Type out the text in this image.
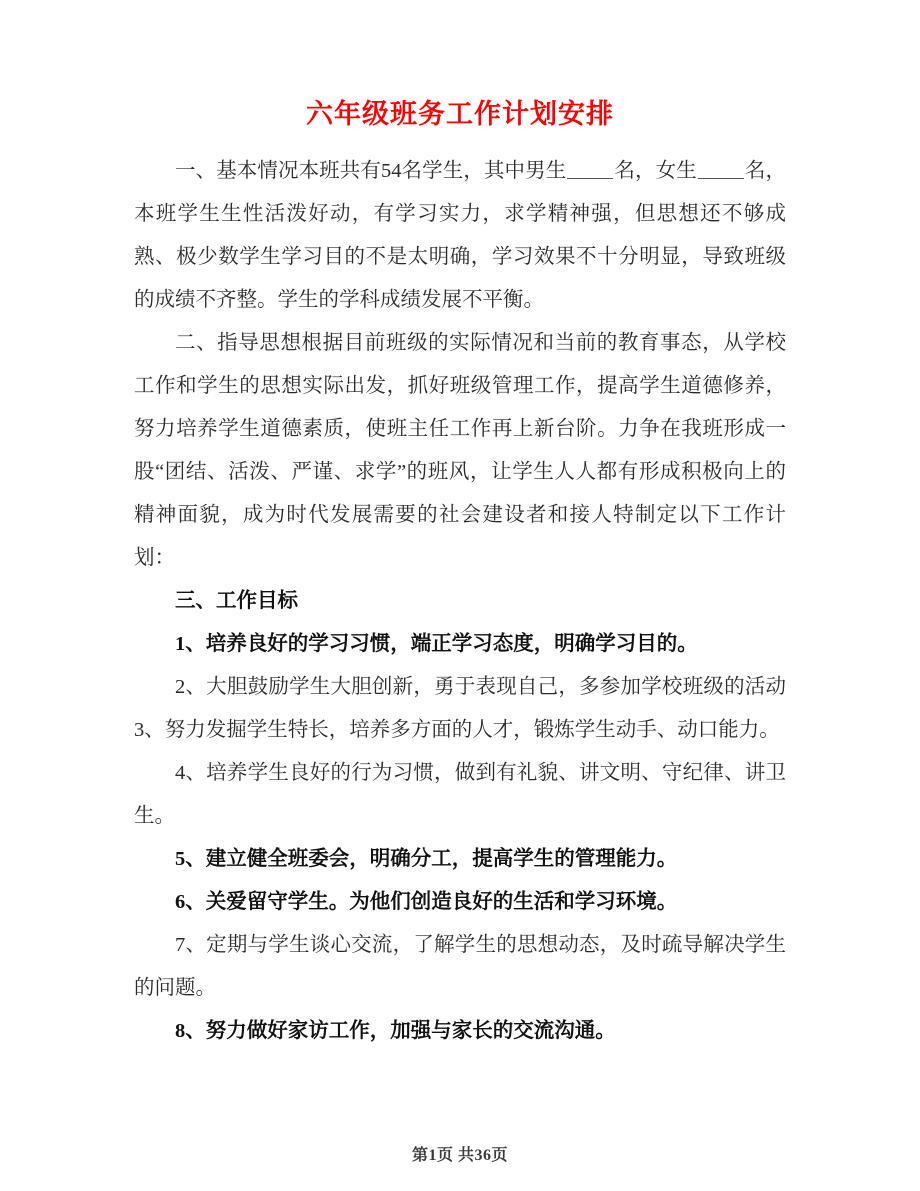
六年级班务工作计划安排

一、基本情况本班共有54名学生，其中男生 名，女生 名，本班学生生性活泼好动，有学习实力，求学精神强，但思想还不够成熟、极少数学生学习目的不是太明确，学习效果不十分明显，导致班级的成绩不齐整。学生的学科成绩发展不平衡。

二、指导思想根据目前班级的实际情况和当前的教育事态，从学校工作和学生的思想实际出发，抓好班级管理工作，提高学生道德修养，努力培养学生道德素质，使班主任工作再上新台阶。力争在我班形成一股“团结、活泼、严谨、求学”的班风，让学生人人都有形成积极向上的精神面貌，成为时代发展需要的社会建设者和接人特制定以下工作计划：

三、工作目标

1、培养良好的学习习惯，端正学习态度，明确学习目的。

2、大胆鼓励学生大胆创新，勇于表现自己，多参加学校班级的活动3、努力发掘学生特长，培养多方面的人才，锻炼学生动手、动口能力。

4、培养学生良好的行为习惯，做到有礼貌、讲文明、守纪律、讲卫生。

5、建立健全班委会，明确分工，提高学生的管理能力。

6、关爱留守学生。为他们创造良好的生活和学习环境。

7、定期与学生谈心交流，了解学生的思想动态，及时疏导解决学生的问题。

8、努力做好家访工作，加强与家长的交流沟通。

第1页 共36页
